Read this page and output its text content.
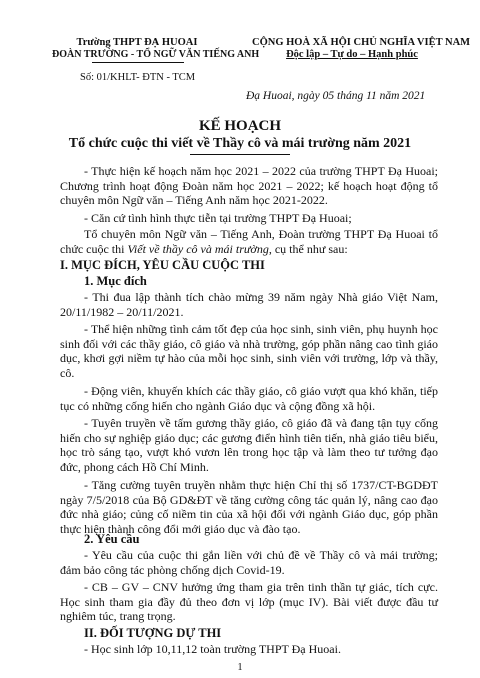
Trường THPT ĐẠ HUOAI
ĐOÀN TRƯỜNG - TỔ NGỮ VĂN TIẾNG ANH
Số: 01/KHLT- ĐTN - TCM
CỘNG HOÀ XÃ HỘI CHỦ NGHĨA VIỆT NAM
Độc lập – Tự do – Hạnh phúc
Đạ Huoai, ngày 05 tháng 11 năm 2021
KẾ HOẠCH
Tổ chức cuộc thi viết về Thầy cô và mái trường năm 2021
- Thực hiện kế hoạch năm học 2021 – 2022 của trường THPT Đạ Huoai; Chương trình hoạt động Đoàn năm học 2021 – 2022; kế hoạch hoạt động tổ chuyên môn Ngữ văn – Tiếng Anh năm học 2021-2022.
- Căn cứ tình hình thực tiễn tại trường THPT Đạ Huoai;
Tổ chuyên môn Ngữ văn – Tiếng Anh, Đoàn trường THPT Đạ Huoai tổ chức cuộc thi Viết về thầy cô và mái trường, cụ thể như sau:
I. MỤC ĐÍCH, YÊU CẦU CUỘC THI
1. Mục đích
- Thi đua lập thành tích chào mừng 39 năm ngày Nhà giáo Việt Nam, 20/11/1982 – 20/11/2021.
- Thể hiện những tình cảm tốt đẹp của học sinh, sinh viên, phụ huynh học sinh đối với các thầy giáo, cô giáo và nhà trường, góp phần nâng cao tình giáo dục, khơi gợi niềm tự hào của mỗi học sinh, sinh viên với trường, lớp và thầy, cô.
- Động viên, khuyến khích các thầy giáo, cô giáo vượt qua khó khăn, tiếp tục có những cống hiến cho ngành Giáo dục và cộng đồng xã hội.
- Tuyên truyền về tấm gương thầy giáo, cô giáo đã và đang tận tụy cống hiến cho sự nghiệp giáo dục; các gương điển hình tiên tiến, nhà giáo tiêu biểu, học trò sáng tạo, vượt khó vươn lên trong học tập và làm theo tư tưởng đạo đức, phong cách Hồ Chí Minh.
- Tăng cường tuyên truyền nhằm thực hiện Chỉ thị số 1737/CT-BGDĐT ngày 7/5/2018 của Bộ GD&ĐT về tăng cường công tác quản lý, nâng cao đạo đức nhà giáo; củng cố niềm tin của xã hội đối với ngành Giáo dục, góp phần thực hiện thành công đổi mới giáo dục và đào tạo.
2. Yêu cầu
- Yêu cầu của cuộc thi gắn liền với chủ đề về Thầy cô và mái trường; đảm bảo công tác phòng chống dịch Covid-19.
- CB – GV – CNV hưởng ứng tham gia trên tinh thần tự giác, tích cực. Học sinh tham gia đầy đủ theo đơn vị lớp (mục IV). Bài viết được đầu tư nghiêm túc, trang trọng.
II. ĐỐI TƯỢNG DỰ THI
- Học sinh lớp 10,11,12 toàn trường THPT Đạ Huoai.
1
